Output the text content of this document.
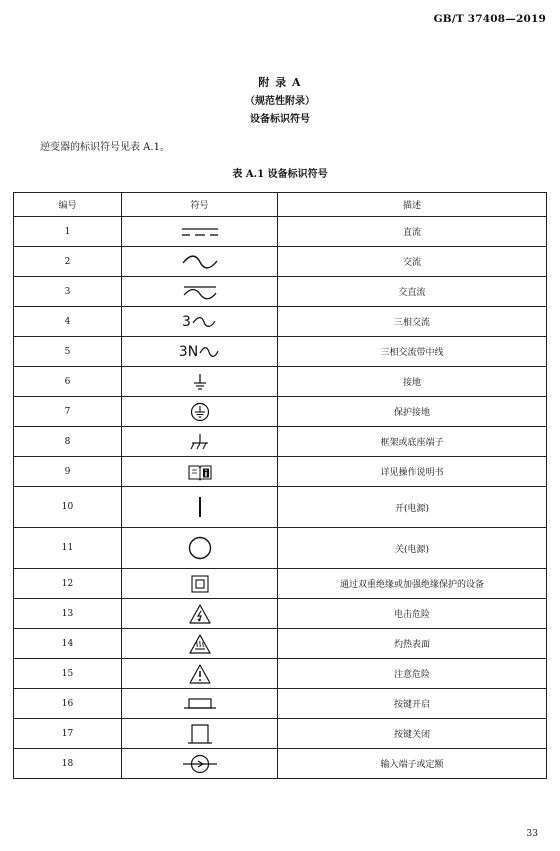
GB/T 37408—2019
附 录 A
（规范性附录）
设备标识符号
逆变器的标识符号见表 A.1。
表 A.1 设备标识符号
编号	符号	描述
1		直流
2		交流
3		交直流
4	3	三相交流
5	3N	三相交流带中线
6		接地
7		保护接地
8		框架或底座端子
9		详见操作说明书
10		开(电源)
11		关(电源)
12		通过双重绝缘或加强绝缘保护的设备
13		电击危险
14		灼热表面
15		注意危险
16		按键开启
17		按键关闭
18		输入端子或定额
33
